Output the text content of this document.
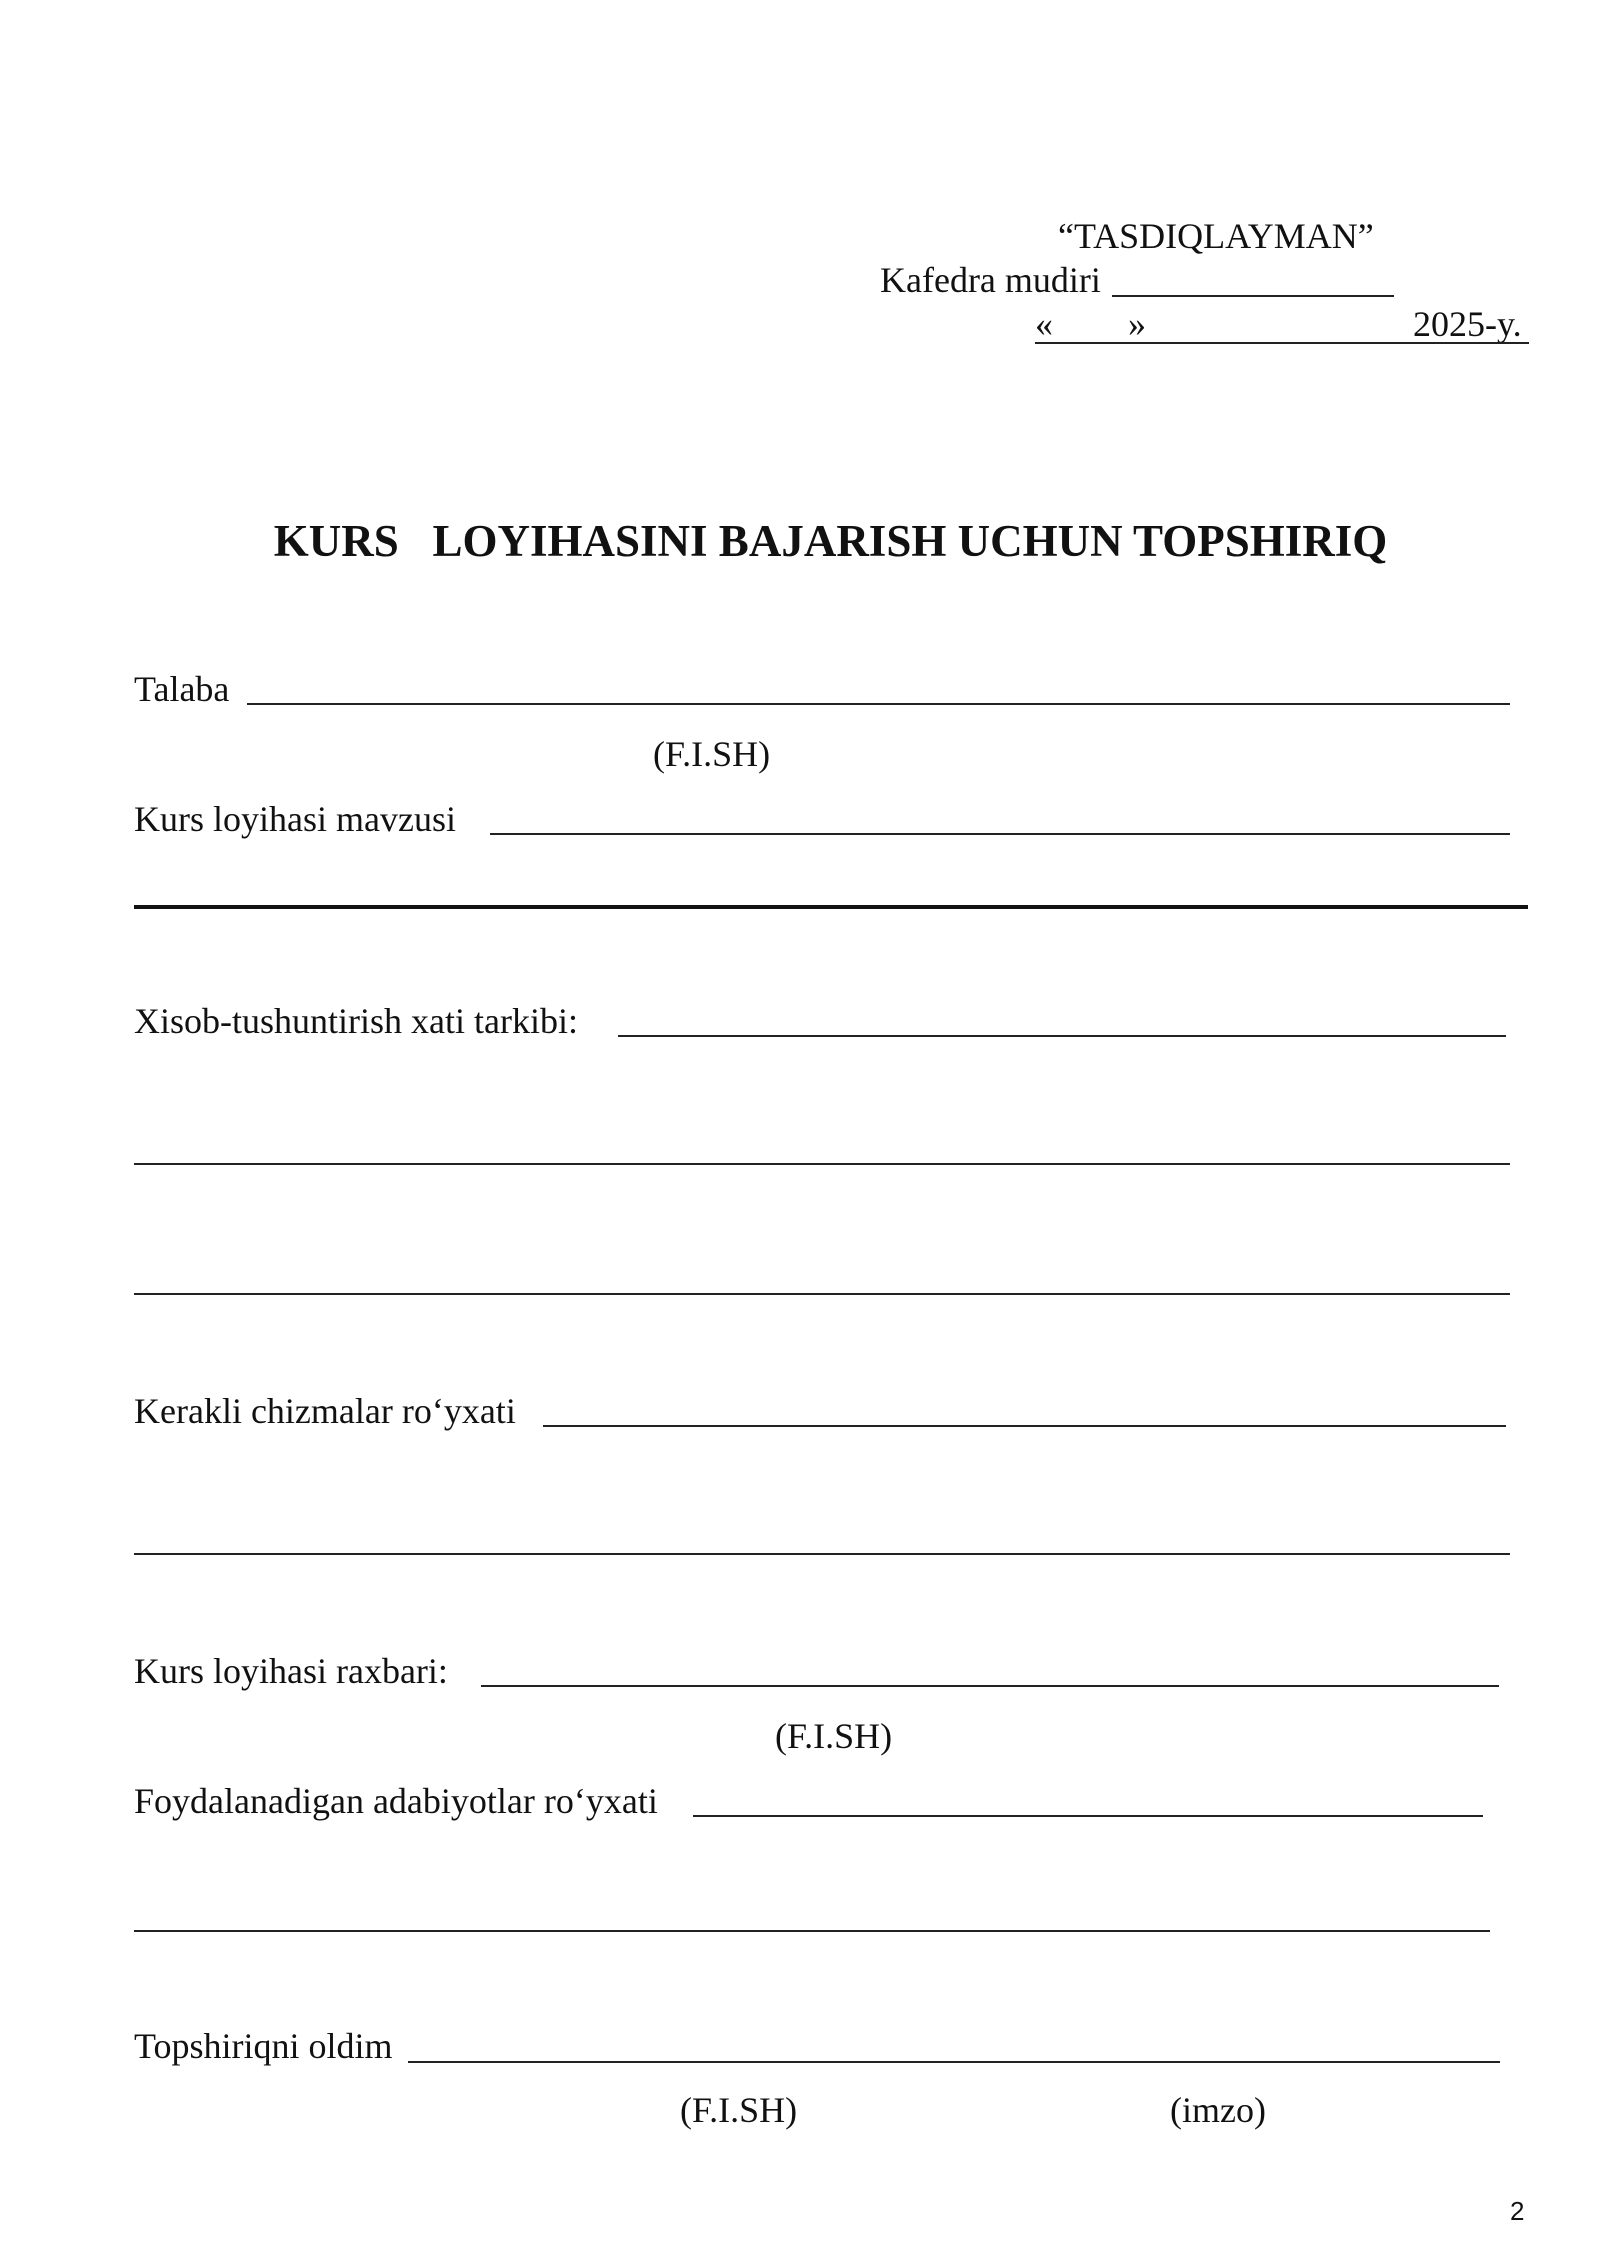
“TASDIQLAYMAN”
Kafedra mudiri
« »	2025-y.
KURS   LOYIHASINI BAJARISH UCHUN TOPSHIRIQ
Talaba
(F.I.SH)
Kurs loyihasi mavzusi
Xisob-tushuntirish xati tarkibi:
Kerakli chizmalar ro‘yxati
Kurs loyihasi raxbari:
(F.I.SH)
Foydalanadigan adabiyotlar ro‘yxati
Topshiriqni oldim
(F.I.SH)	(imzo)
2
